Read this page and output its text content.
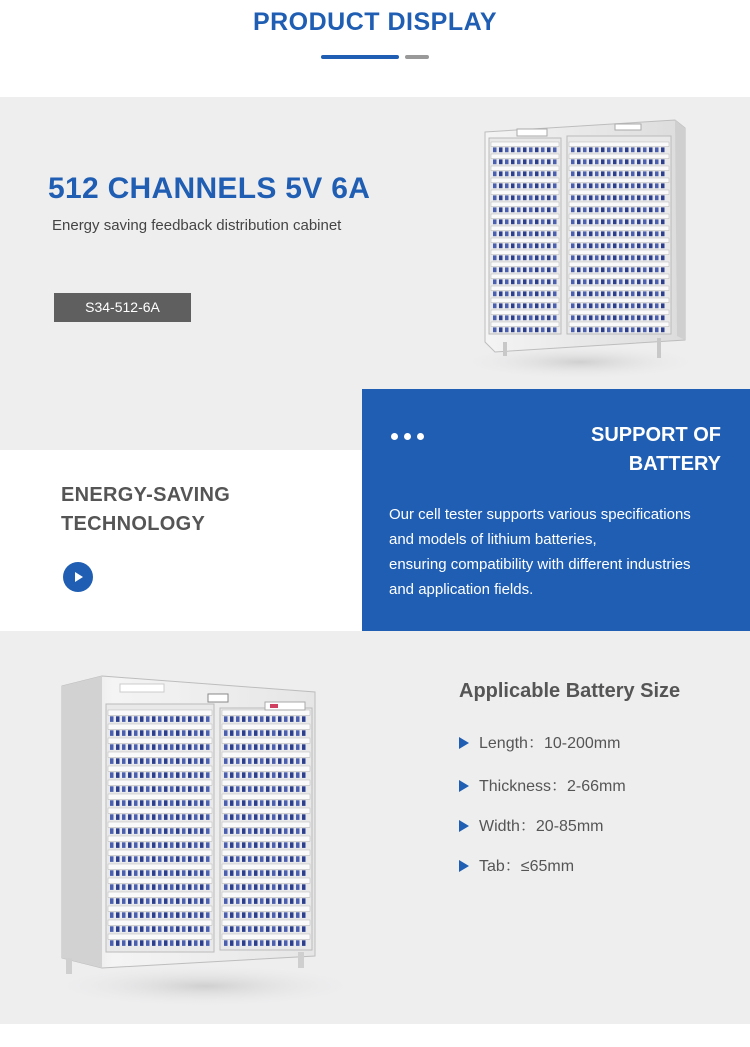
PRODUCT DISPLAY
512 CHANNELS 5V 6A
Energy saving feedback distribution cabinet
S34-512-6A
ENERGY-SAVING
TECHNOLOGY
SUPPORT OF
BATTERY
Our cell tester supports various specifications
and models of lithium batteries,
ensuring compatibility with different industries
and application fields.
Applicable Battery Size
Length：10-200mm
Thickness：2-66mm
Width：20-85mm
Tab：≤65mm
